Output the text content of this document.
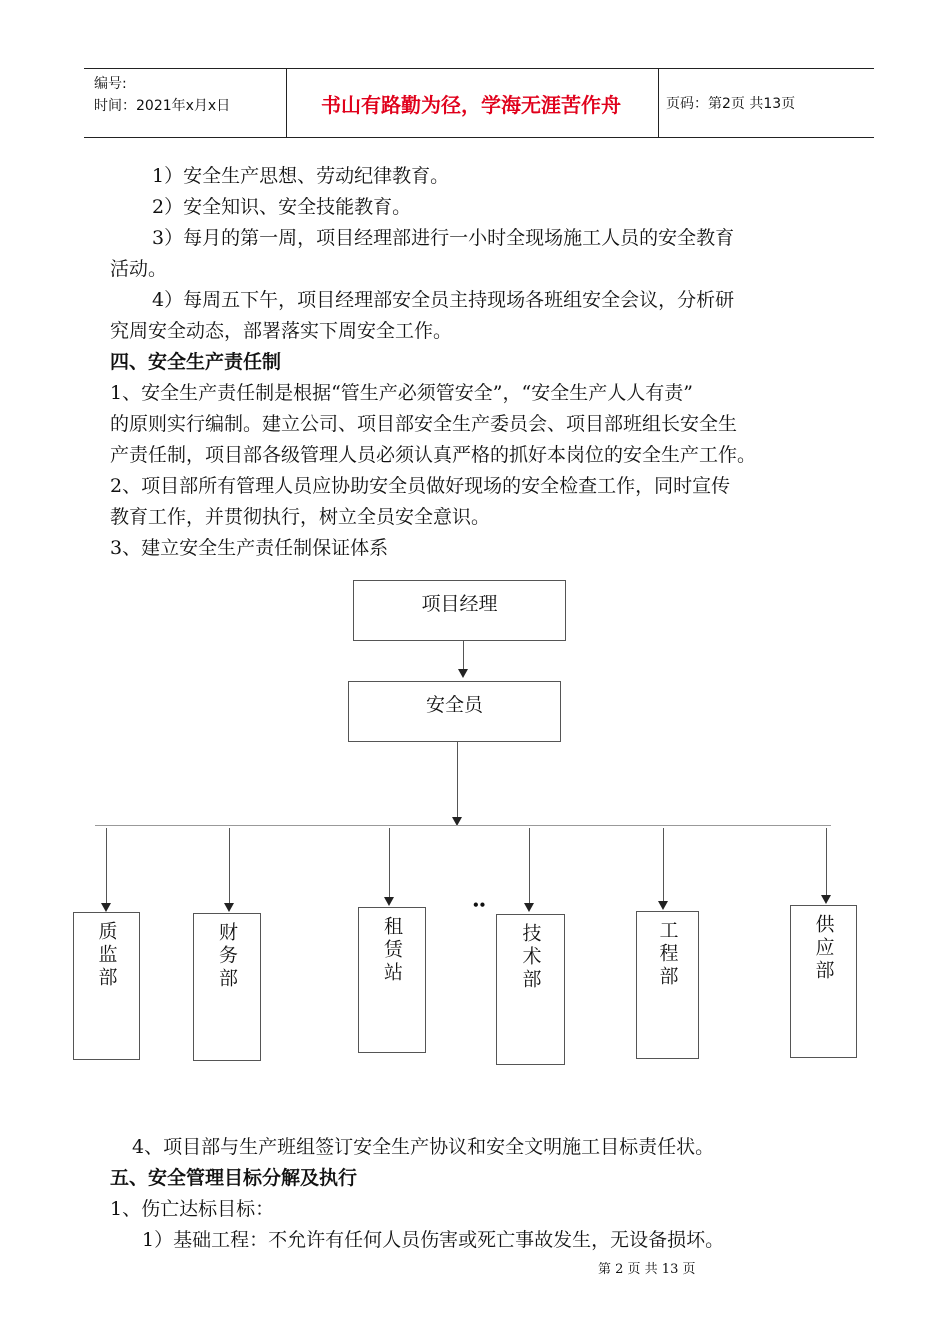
编号:
时间：2021年x月x日	书山有路勤为径，学海无涯苦作舟	页码：第2页 共13页
1）安全生产思想、劳动纪律教育。
2）安全知识、安全技能教育。
3）每月的第一周，项目经理部进行一小时全现场施工人员的安全教育
活动。
4）每周五下午，项目经理部安全员主持现场各班组安全会议，分析研
究周安全动态，部署落实下周安全工作。
四、安全生产责任制
1、安全生产责任制是根据“管生产必须管安全”，“安全生产人人有责”
的原则实行编制。建立公司、项目部安全生产委员会、项目部班组长安全生
产责任制，项目部各级管理人员必须认真严格的抓好本岗位的安全生产工作。
2、项目部所有管理人员应协助安全员做好现场的安全检查工作，同时宣传
教育工作，并贯彻执行，树立全员安全意识。
3、建立安全生产责任制保证体系
项目经理
安全员
质监部	财务部	租赁站
••
技术部	工程部	供应部
4、项目部与生产班组签订安全生产协议和安全文明施工目标责任状。
五、安全管理目标分解及执行
1、伤亡达标目标：
1）基础工程：不允许有任何人员伤害或死亡事故发生，无设备损坏。
第 2 页 共 13 页
